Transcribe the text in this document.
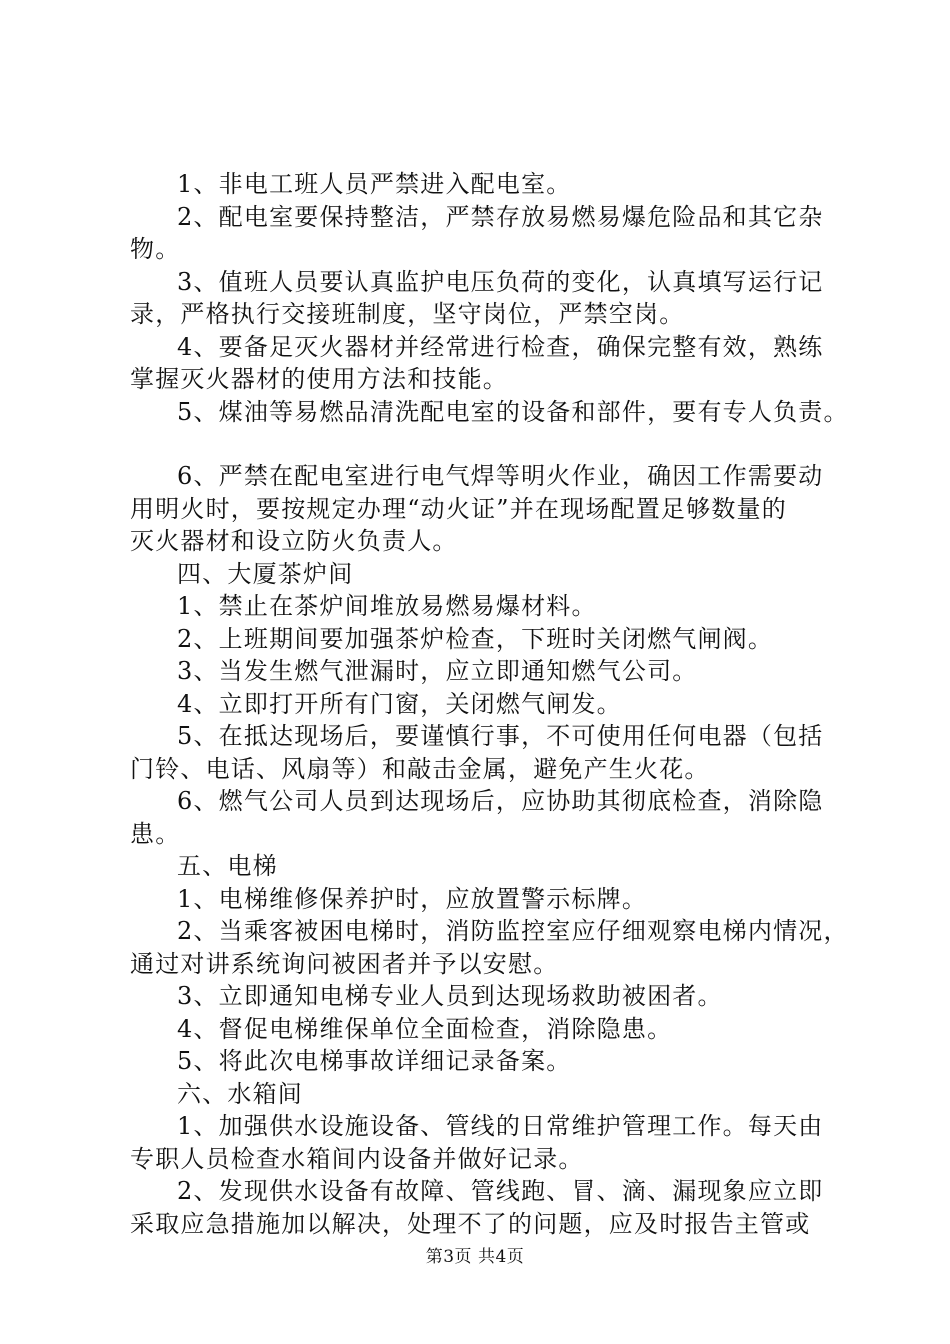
1、非电工班人员严禁进入配电室。
2、配电室要保持整洁，严禁存放易燃易爆危险品和其它杂
物。
3、值班人员要认真监护电压负荷的变化，认真填写运行记
录，严格执行交接班制度，坚守岗位，严禁空岗。
4、要备足灭火器材并经常进行检查，确保完整有效，熟练
掌握灭火器材的使用方法和技能。
5、煤油等易燃品清洗配电室的设备和部件，要有专人负责。
6、严禁在配电室进行电气焊等明火作业，确因工作需要动
用明火时，要按规定办理“动火证”并在现场配置足够数量的
灭火器材和设立防火负责人。
四、大厦茶炉间
1、禁止在茶炉间堆放易燃易爆材料。
2、上班期间要加强茶炉检查，下班时关闭燃气闸阀。
3、当发生燃气泄漏时，应立即通知燃气公司。
4、立即打开所有门窗，关闭燃气闸发。
5、在抵达现场后，要谨慎行事，不可使用任何电器（包括
门铃、电话、风扇等）和敲击金属，避免产生火花。
6、燃气公司人员到达现场后，应协助其彻底检查，消除隐
患。
五、电梯
1、电梯维修保养护时，应放置警示标牌。
2、当乘客被困电梯时，消防监控室应仔细观察电梯内情况，
通过对讲系统询问被困者并予以安慰。
3、立即通知电梯专业人员到达现场救助被困者。
4、督促电梯维保单位全面检查，消除隐患。
5、将此次电梯事故详细记录备案。
六、水箱间
1、加强供水设施设备、管线的日常维护管理工作。每天由
专职人员检查水箱间内设备并做好记录。
2、发现供水设备有故障、管线跑、冒、滴、漏现象应立即
采取应急措施加以解决，处理不了的问题，应及时报告主管或
第3页 共4页
